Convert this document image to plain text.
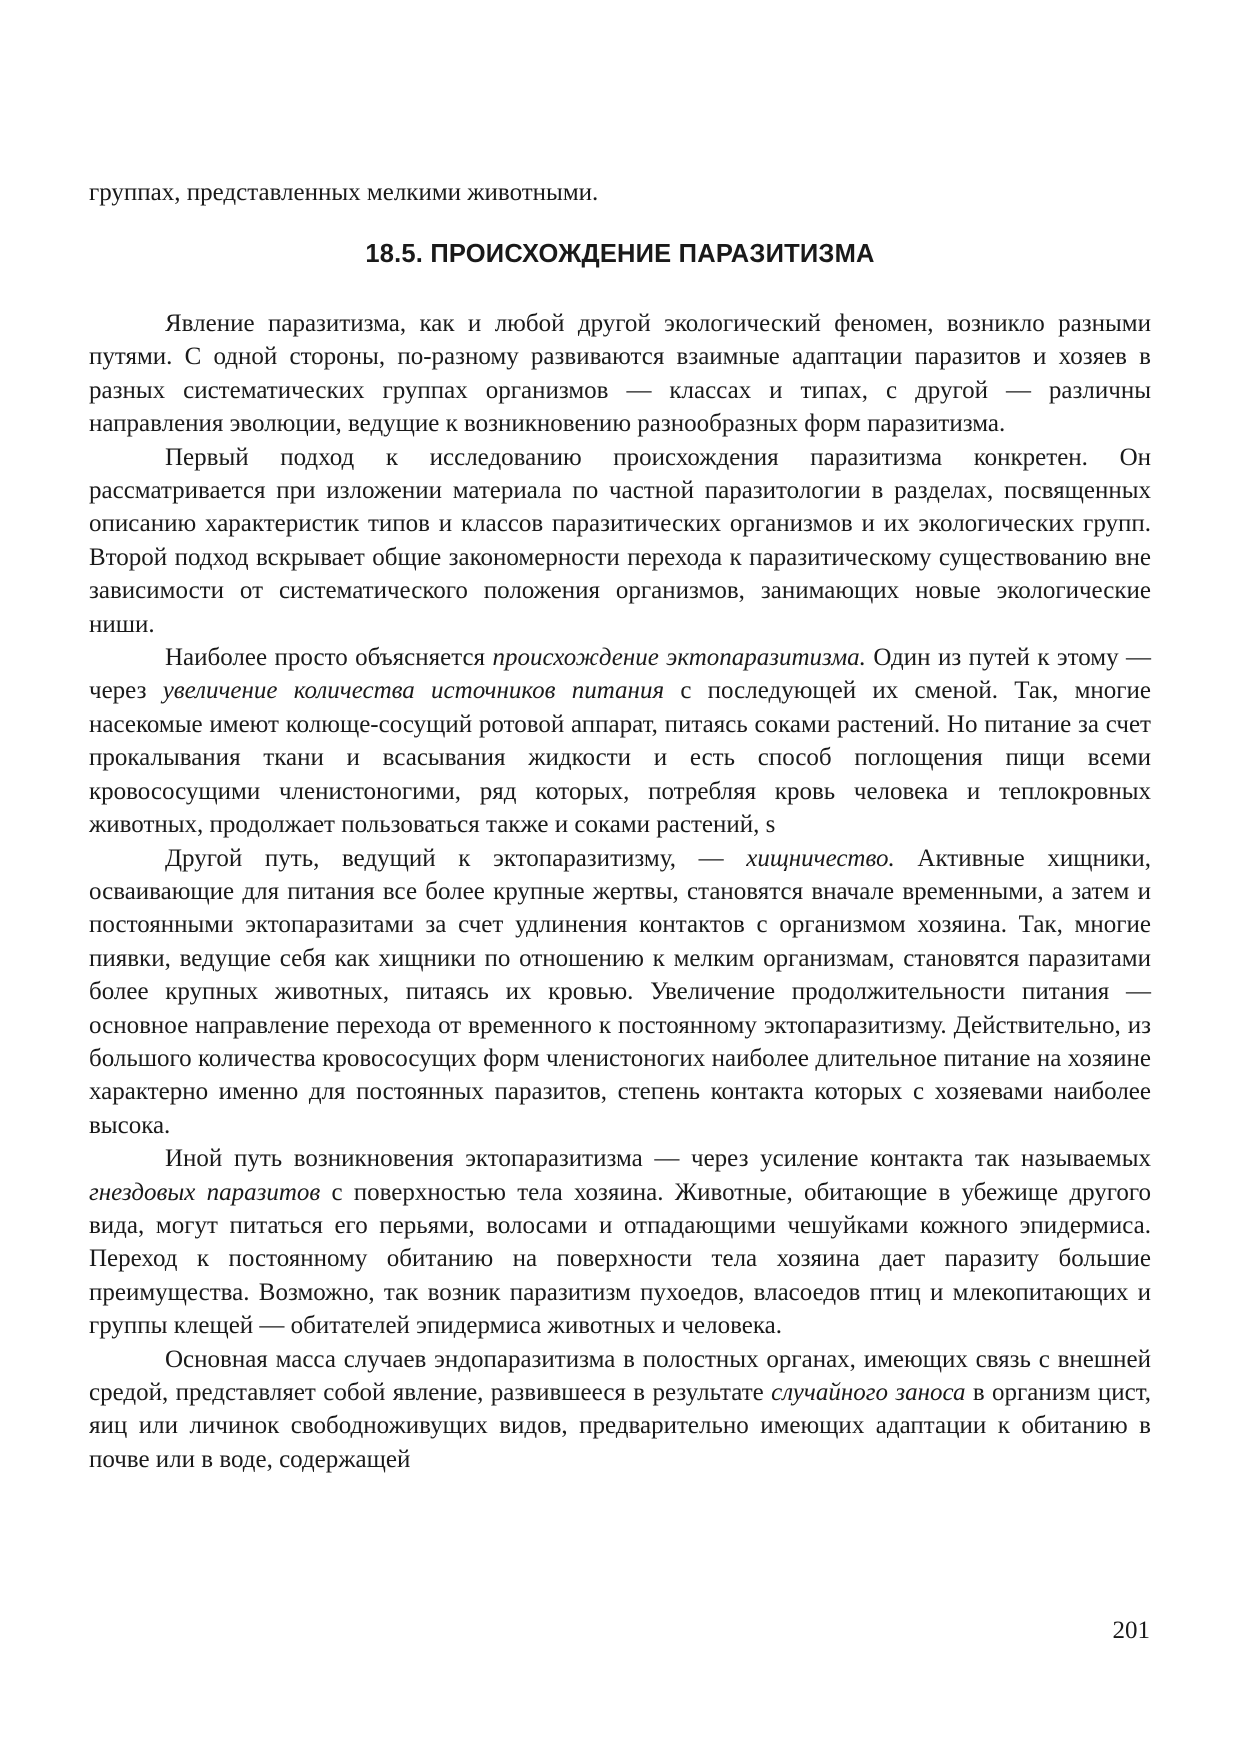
группах, представленных мелкими животными.
18.5. ПРОИСХОЖДЕНИЕ ПАРАЗИТИЗМА

Явление паразитизма, как и любой другой экологический феномен, возникло разными путями. С одной стороны, по-разному развиваются взаимные адаптации паразитов и хозяев в разных систематических группах организмов — классах и типах, с другой — различны направления эволюции, ведущие к возникновению разнообразных форм паразитизма.

Первый подход к исследованию происхождения паразитизма конкретен. Он рассматривается при изложении материала по частной паразитологии в разделах, посвященных описанию характеристик типов и классов паразитических организмов и их экологических групп. Второй подход вскрывает общие закономерности перехода к паразитическому существованию вне зависимости от систематического положения организмов, занимающих новые экологические ниши.

Наиболее просто объясняется происхождение эктопаразитизма. Один из путей к этому — через увеличение количества источников питания с последующей их сменой. Так, многие насекомые имеют колюще-сосущий ротовой аппарат, питаясь соками растений. Но питание за счет прокалывания ткани и всасывания жидкости и есть способ поглощения пищи всеми кровососущими членистоногими, ряд которых, потребляя кровь человека и теплокровных животных, продолжает пользоваться также и соками растений, s

Другой путь, ведущий к эктопаразитизму, — хищничество. Активные хищники, осваивающие для питания все более крупные жертвы, становятся вначале временными, а затем и постоянными эктопаразитами за счет удлинения контактов с организмом хозяина. Так, многие пиявки, ведущие себя как хищники по отношению к мелким организмам, становятся паразитами более крупных животных, питаясь их кровью. Увеличение продолжительности питания — основное направление перехода от временного к постоянному эктопаразитизму. Действительно, из большого количества кровососущих форм членистоногих наиболее длительное питание на хозяине характерно именно для постоянных паразитов, степень контакта которых с хозяевами наиболее высока.

Иной путь возникновения эктопаразитизма — через усиление контакта так называемых гнездовых паразитов с поверхностью тела хозяина. Животные, обитающие в убежище другого вида, могут питаться его перьями, волосами и отпадающими чешуйками кожного эпидермиса. Переход к постоянному обитанию на поверхности тела хозяина дает паразиту большие преимущества. Возможно, так возник паразитизм пухоедов, власоедов птиц и млекопитающих и группы клещей — обитателей эпидермиса животных и человека.

Основная масса случаев эндопаразитизма в полостных органах, имеющих связь с внешней средой, представляет собой явление, развившееся в результате случайного заноса в организм цист, яиц или личинок свободноживущих видов, предварительно имеющих адаптации к обитанию в почве или в воде, содержащей

201
